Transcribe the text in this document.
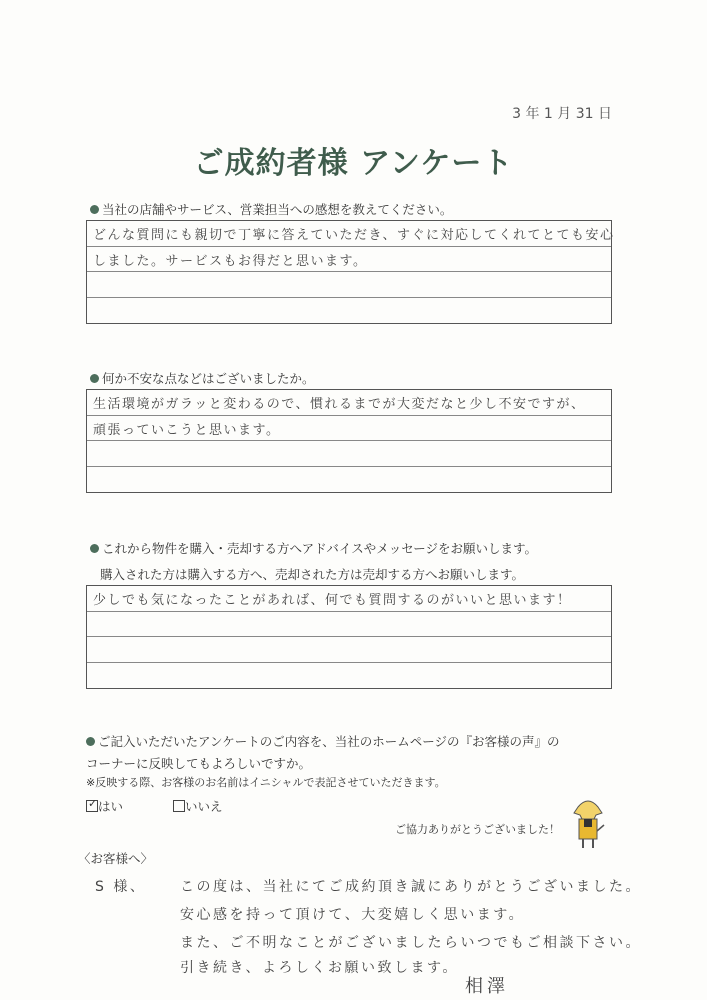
3 年 1 月 31 日
ご成約者様 アンケート
当社の店舗やサービス、営業担当への感想を教えてください。
どんな質問にも親切で丁寧に答えていただき、すぐに対応してくれてとても安心
しました。サービスもお得だと思います。
何か不安な点などはございましたか。
生活環境がガラッと変わるので、慣れるまでが大変だなと少し不安ですが、
頑張っていこうと思います。
これから物件を購入・売却する方へアドバイスやメッセージをお願いします。
購入された方は購入する方へ、売却された方は売却する方へお願いします。
少しでも気になったことがあれば、何でも質問するのがいいと思います！
ご記入いただいたアンケートのご内容を、当社のホームページの『お客様の声』の
コーナーに反映してもよろしいですか。
※反映する際、お客様のお名前はイニシャルで表記させていただきます。
✓ はい	いいえ
ご協力ありがとうございました！
〈お客様へ〉
S 様、 この度は、当社にてご成約頂き誠にありがとうございました。
安心感を持って頂けて、大変嬉しく思います。
また、ご不明なことがございましたらいつでもご相談下さい。
引き続き、よろしくお願い致します。
相澤
